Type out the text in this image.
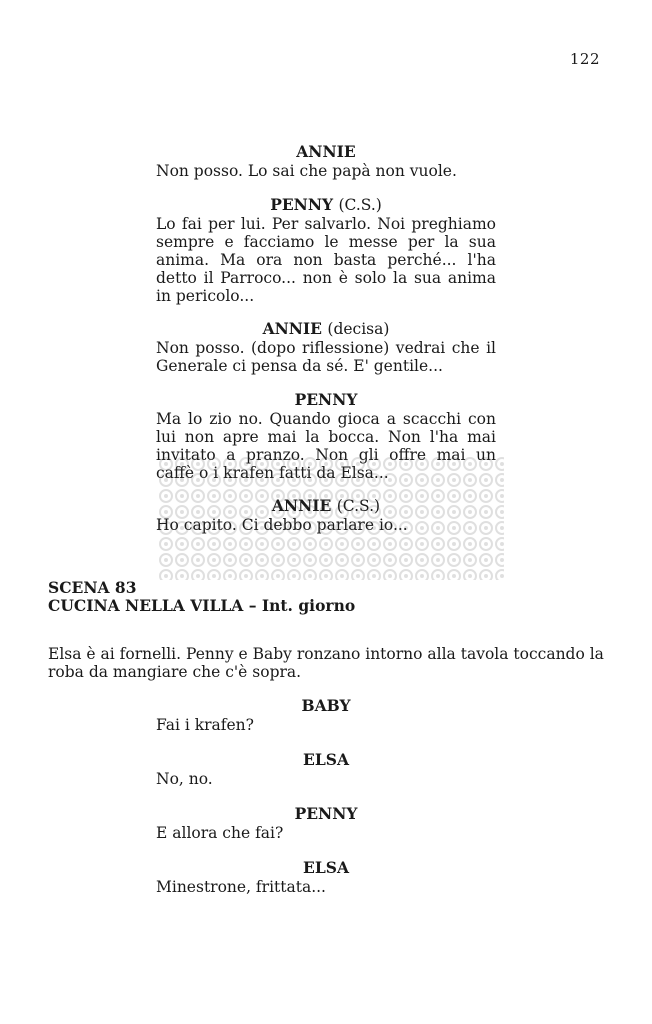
122
ANNIE
Non posso. Lo sai che papà non vuole.
PENNY (C.S.)
Lo fai per lui. Per salvarlo. Noi preghiamo sempre e facciamo le messe per la sua anima. Ma ora non basta perché... l'ha detto il Parroco... non è solo la sua anima in pericolo...
ANNIE (decisa)
Non posso. (dopo riflessione) vedrai che il Generale ci pensa da sé. E' gentile...
PENNY
Ma lo zio no. Quando gioca a scacchi con lui non apre mai la bocca. Non l'ha mai invitato a pranzo. Non gli offre mai un caffè o i krafen fatti da Elsa...
ANNIE (C.S.)
Ho capito. Ci debbo parlare io...
SCENA 83
CUCINA NELLA VILLA – Int. giorno
Elsa è ai fornelli. Penny e Baby ronzano intorno alla tavola toccando la roba da mangiare che c'è sopra.
BABY
Fai i krafen?
ELSA
No, no.
PENNY
E allora che fai?
ELSA
Minestrone, frittata...
